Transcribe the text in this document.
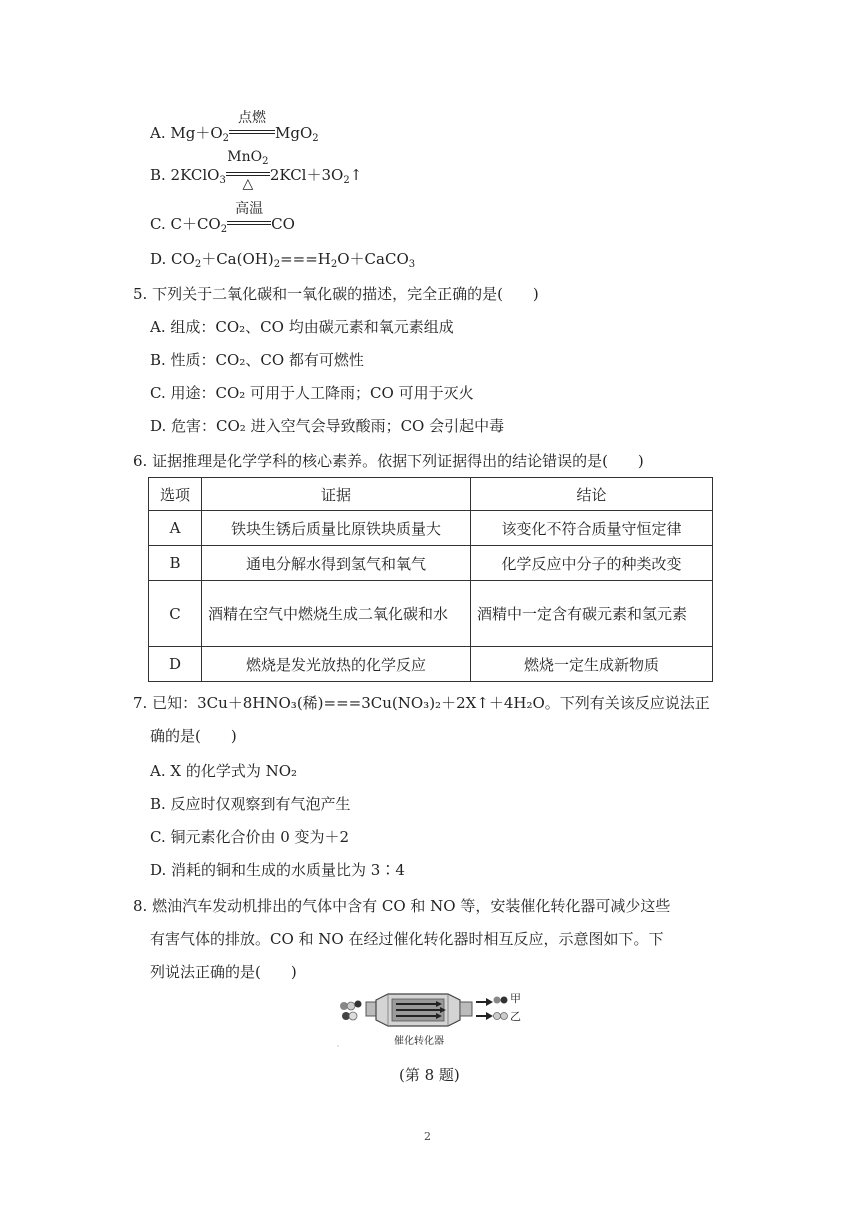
A. $Mg+O_2$
点燃
MgO$_2$
B. 2KClO$_3$
MnO$_2$
△	$2KCl+3O_2↑$
C. $C+CO_2$
高温
CO
D. $CO_2+Ca(OH)_2===H_2O+CaCO_3$
5. 下列关于二氧化碳和一氧化碳的描述，完全正确的是(　　)
A. 组成：CO₂、CO 均由碳元素和氧元素组成
B. 性质：CO₂、CO 都有可燃性
C. 用途：CO₂ 可用于人工降雨；CO 可用于灭火
D. 危害：CO₂ 进入空气会导致酸雨；CO 会引起中毒
6. 证据推理是化学学科的核心素养。依据下列证据得出的结论错误的是(　　)
选项	证据	结论
A	铁块生锈后质量比原铁块质量大	该变化不符合质量守恒定律
B	通电分解水得到氢气和氧气	化学反应中分子的种类改变
C	酒精在空气中燃烧生成二氧化碳和水	酒精中一定含有碳元素和氢元素
D	燃烧是发光放热的化学反应	燃烧一定生成新物质
7. 已知：3Cu＋8HNO₃(稀)===3Cu(NO₃)₂＋2X↑＋4H₂O。下列有关该反应说法正
确的是(　　)
A. X 的化学式为 NO₂
B. 反应时仅观察到有气泡产生
C. 铜元素化合价由 0 变为＋2
D. 消耗的铜和生成的水质量比为 3∶4
8. 燃油汽车发动机排出的气体中含有 CO 和 NO 等，安装催化转化器可减少这些
有害气体的排放。CO 和 NO 在经过催化转化器时相互反应，示意图如下。下
列说法正确的是(　　)
甲
乙
催化转化器
(第 8 题)
2
